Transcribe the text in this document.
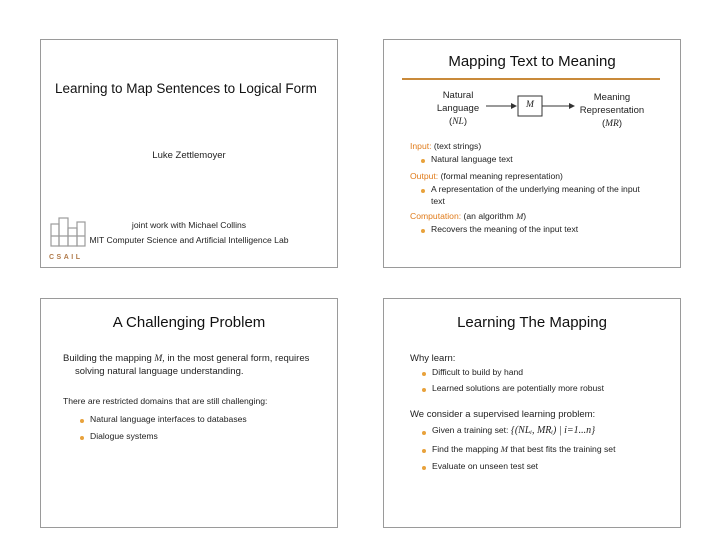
Learning to Map Sentences to Logical Form
Luke Zettlemoyer
joint work with Michael Collins
MIT Computer Science and Artificial Intelligence Lab
CSAIL
Mapping Text to Meaning
Natural
Language
(NL)
M
Meaning
Representation
(MR)
Input: (text strings)
Natural language text
Output: (formal meaning representation)
A representation of the underlying meaning of the input
text
Computation: (an algorithm M)
Recovers the meaning of the input text
A Challenging Problem
Building the mapping M, in the most general form, requires
solving natural language understanding.
There are restricted domains that are still challenging:
Natural language interfaces to databases
Dialogue systems
Learning The Mapping
Why learn:
Difficult to build by hand
Learned solutions are potentially more robust
We consider a supervised learning problem:
Given a training set: {(NLᵢ, MRᵢ) | i=1...n}
Find the mapping M that best fits the training set
Evaluate on unseen test set
